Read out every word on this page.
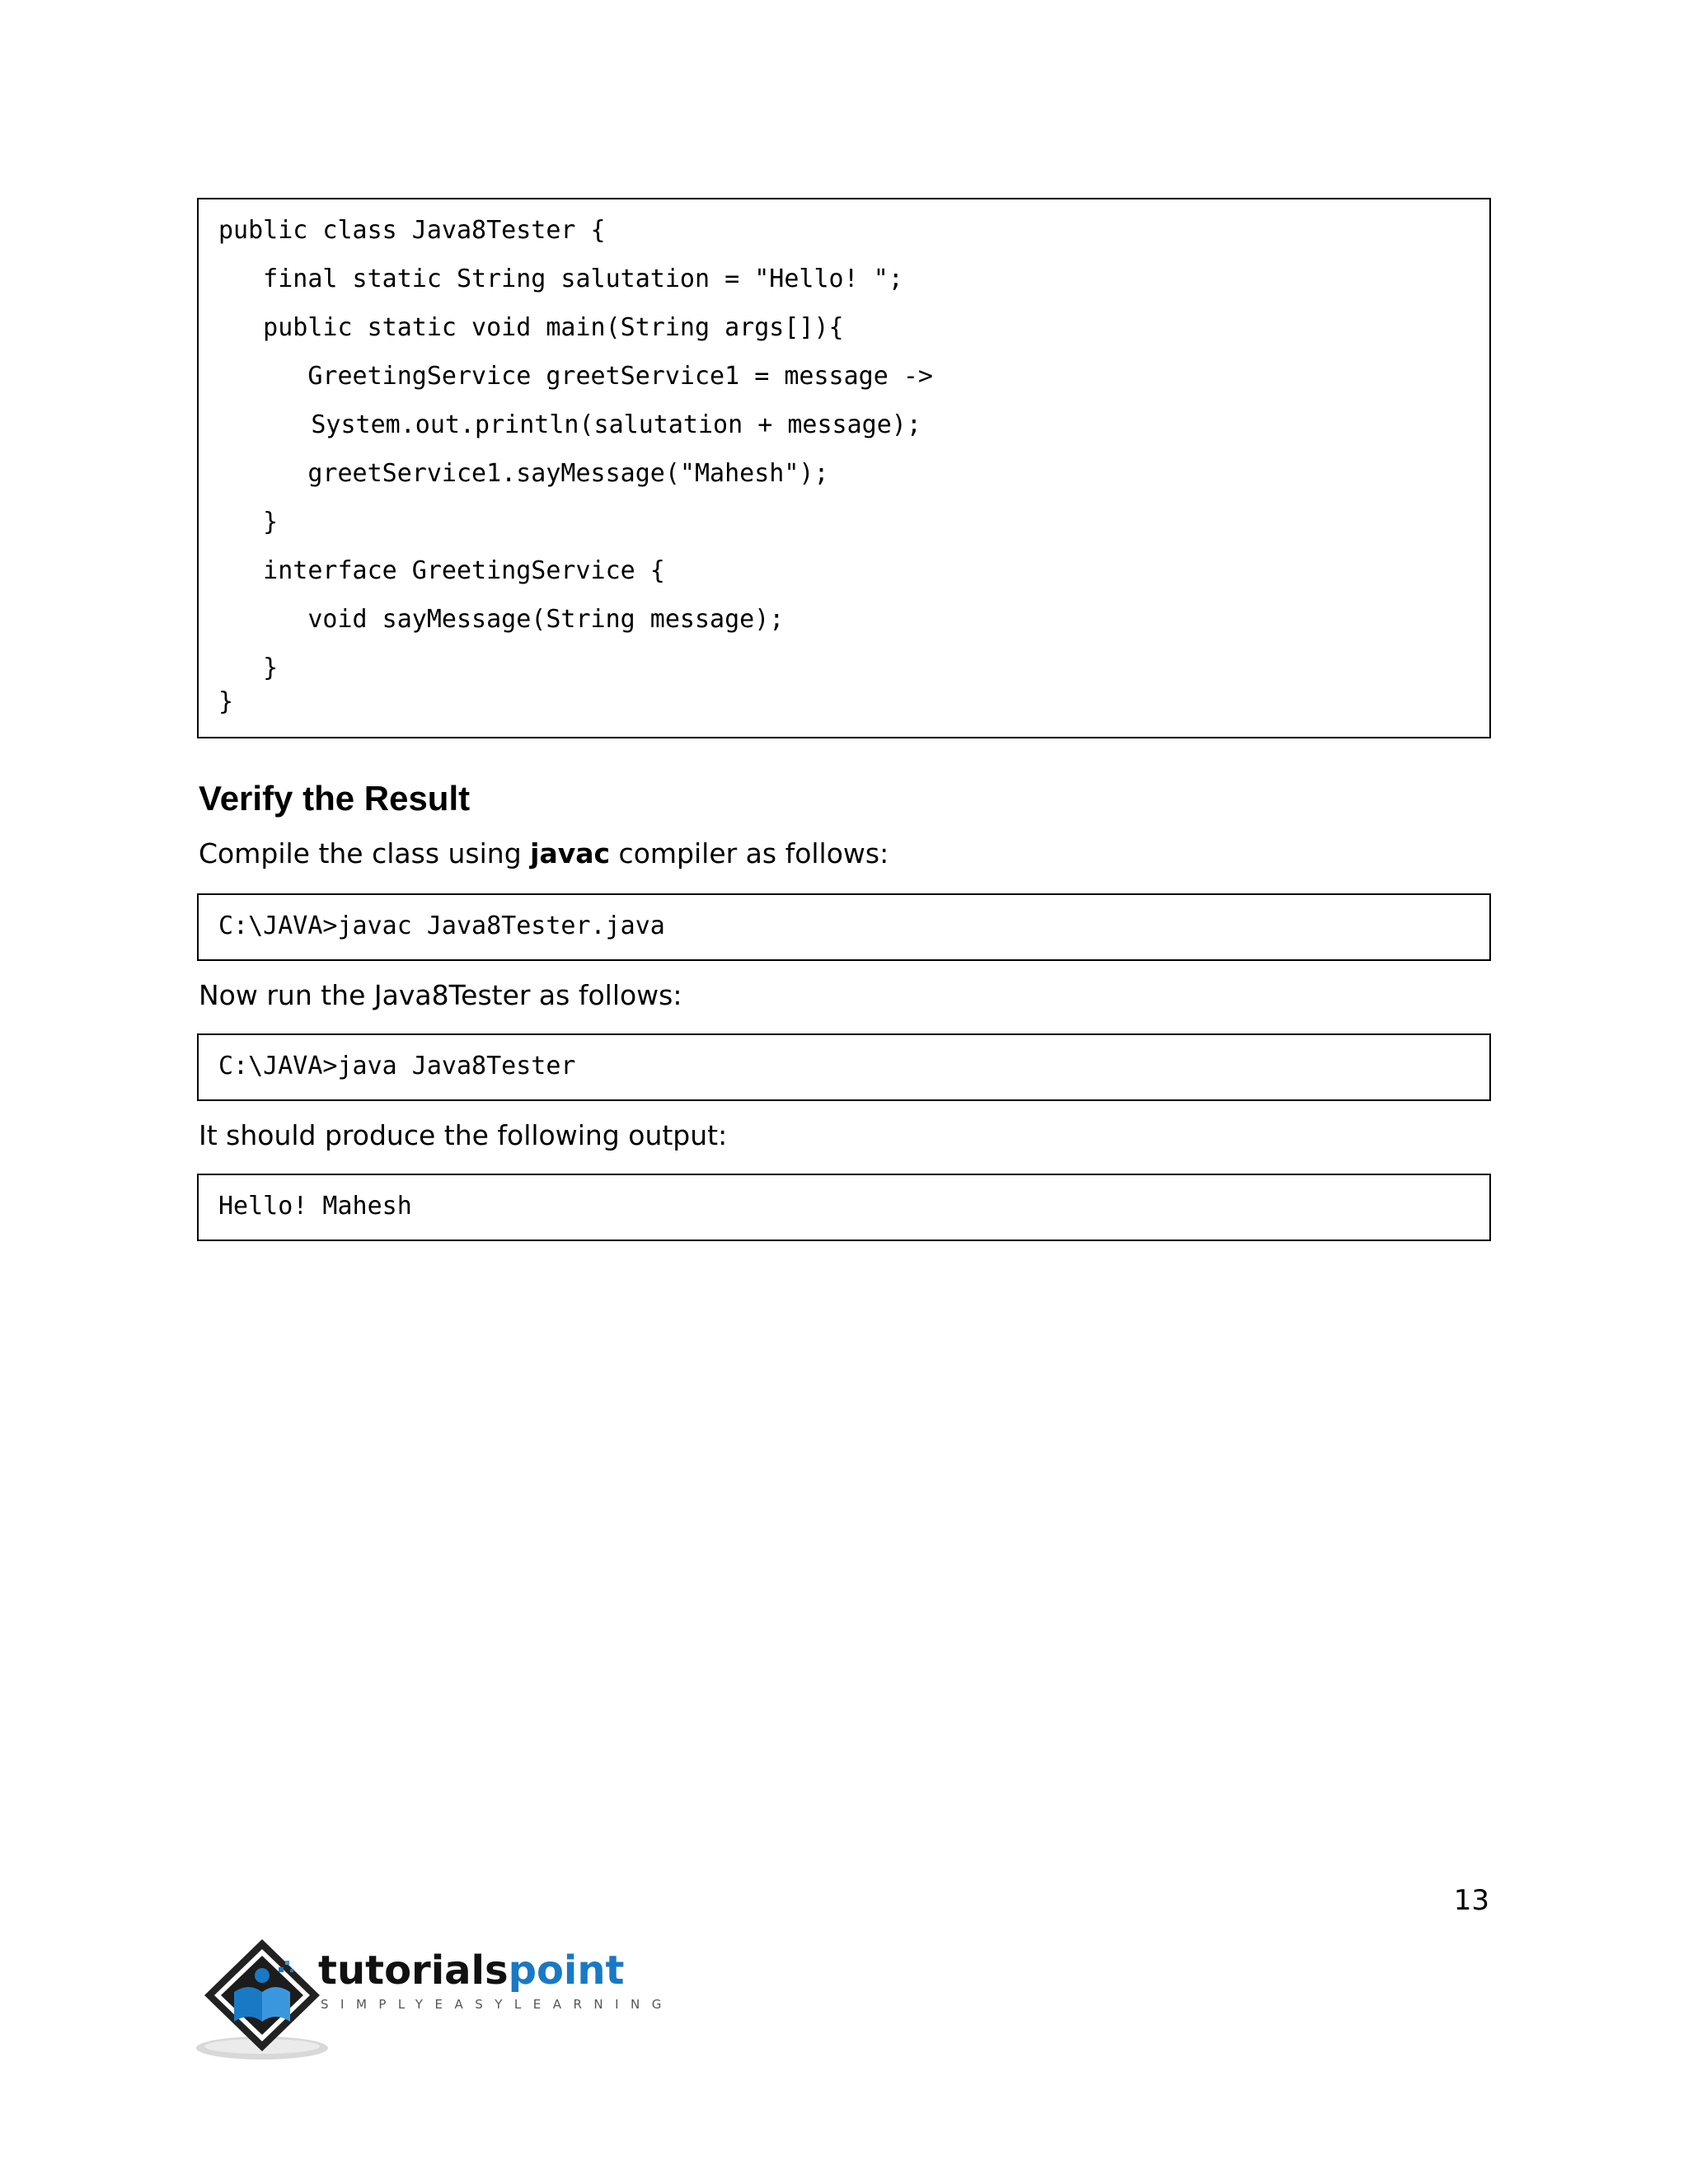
public class Java8Tester {
final static String salutation = "Hello! ";
public static void main(String args[]){
GreetingService greetService1 = message ->
System.out.println(salutation + message);
greetService1.sayMessage("Mahesh");
}
interface GreetingService {
void sayMessage(String message);
}
}
Verify the Result
Compile the class using javac compiler as follows:
C:\JAVA>javac Java8Tester.java
Now run the Java8Tester as follows:
C:\JAVA>java Java8Tester
It should produce the following output:
Hello! Mahesh
13
tutorialspoint
SIMPLYEASYLEARNING
